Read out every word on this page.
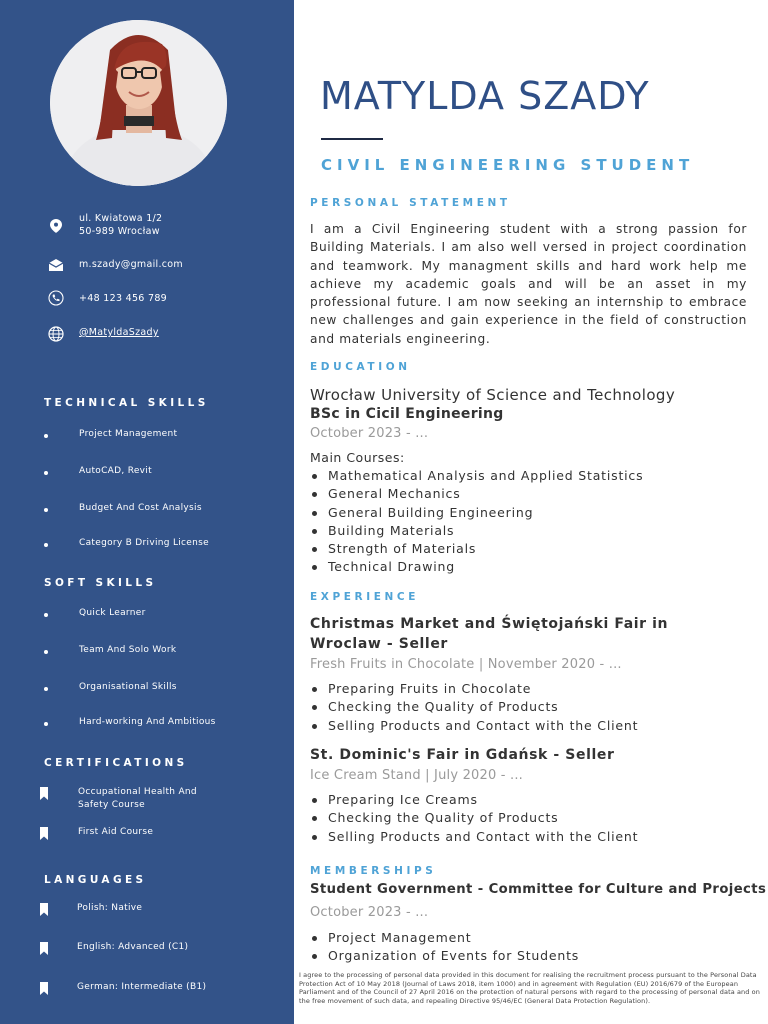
ul. Kwiatowa 1/2
50-989 Wrocław
m.szady@gmail.com
+48 123 456 789
@MatyldaSzady
TECHNICAL SKILLS
Project Management
AutoCAD, Revit
Budget And Cost Analysis
Category B Driving License
SOFT SKILLS
Quick Learner
Team And Solo Work
Organisational Skills
Hard-working And Ambitious
CERTIFICATIONS
Occupational Health And Safety Course
First Aid Course
LANGUAGES
Polish: Native
English: Advanced (C1)
German: Intermediate (B1)
MATYLDA SZADY
CIVIL ENGINEERING STUDENT
PERSONAL STATEMENT
I am a Civil Engineering student with a strong passion for Building Materials. I am also well versed in project coordination and teamwork. My managment skills and hard work help me achieve my academic goals and will be an asset in my professional future. I am now seeking an internship to embrace new challenges and gain experience in the field of construction and materials engineering.
EDUCATION
Wrocław University of Science and Technology
BSc in Cicil Engineering
October 2023 - ...
Main Courses:
Mathematical Analysis and Applied Statistics
General Mechanics
General Building Engineering
Building Materials
Strength of Materials
Technical Drawing
EXPERIENCE
Christmas Market and Świętojański Fair in Wroclaw - Seller
Fresh Fruits in Chocolate | November 2020 - ...
Preparing Fruits in Chocolate
Checking the Quality of Products
Selling Products and Contact with the Client
St. Dominic's Fair in Gdańsk - Seller
Ice Cream Stand | July 2020 - ...
Preparing Ice Creams
Checking the Quality of Products
Selling Products and Contact with the Client
MEMBERSHIPS
Student Government - Committee for Culture and Projects
October 2023 - ...
Project Management
Organization of Events for Students
I agree to the processing of personal data provided in this document for realising the recruitment process pursuant to the Personal Data Protection Act of 10 May 2018 (Journal of Laws 2018, item 1000) and in agreement with Regulation (EU) 2016/679 of the European Parliament and of the Council of 27 April 2016 on the protection of natural persons with regard to the processing of personal data and on the free movement of such data, and repealing Directive 95/46/EC (General Data Protection Regulation).
